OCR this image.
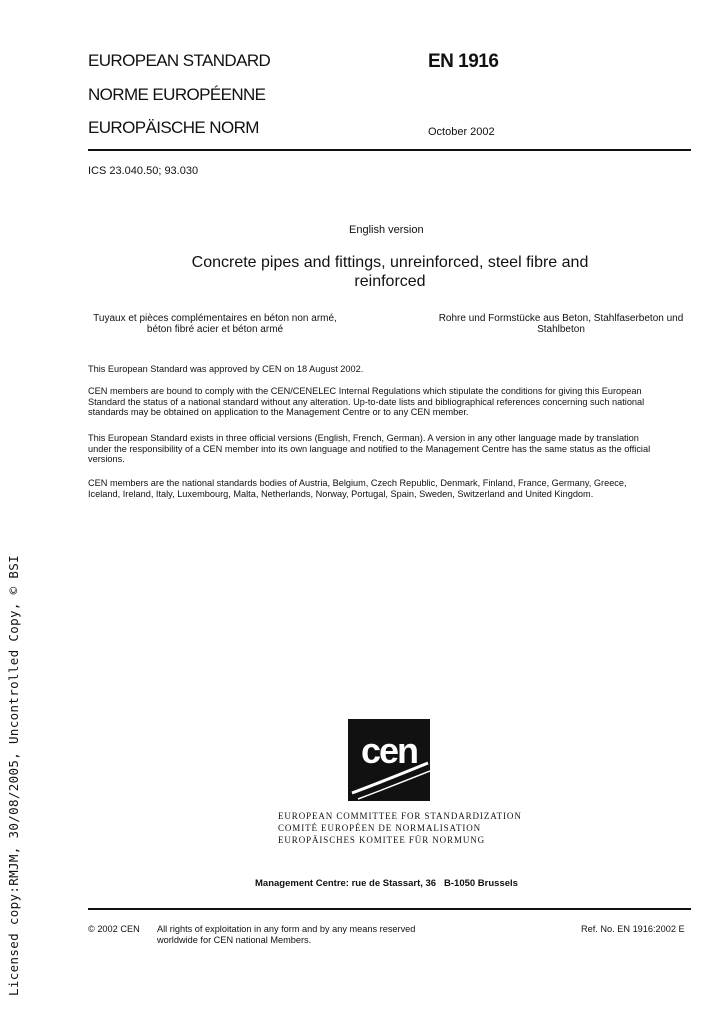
Licensed copy:RMJM, 30/08/2005, Uncontrolled Copy, © BSI
EUROPEAN STANDARD
NORME EUROPÉENNE
EUROPÄISCHE NORM
EN 1916
October 2002
ICS 23.040.50; 93.030
English version
Concrete pipes and fittings, unreinforced, steel fibre and
reinforced
Tuyaux et pièces complémentaires en béton non armé,
béton fibré acier et béton armé
Rohre und Formstücke aus Beton, Stahlfaserbeton und
Stahlbeton
This European Standard was approved by CEN on 18 August 2002.
CEN members are bound to comply with the CEN/CENELEC Internal Regulations which stipulate the conditions for giving this European
Standard the status of a national standard without any alteration. Up-to-date lists and bibliographical references concerning such national
standards may be obtained on application to the Management Centre or to any CEN member.
This European Standard exists in three official versions (English, French, German). A version in any other language made by translation
under the responsibility of a CEN member into its own language and notified to the Management Centre has the same status as the official
versions.
CEN members are the national standards bodies of Austria, Belgium, Czech Republic, Denmark, Finland, France, Germany, Greece,
Iceland, Ireland, Italy, Luxembourg, Malta, Netherlands, Norway, Portugal, Spain, Sweden, Switzerland and United Kingdom.
cen
EUROPEAN COMMITTEE FOR STANDARDIZATION
COMITÉ EUROPÉEN DE NORMALISATION
EUROPÄISCHES KOMITEE FÜR NORMUNG
Management Centre: rue de Stassart, 36   B-1050 Brussels
© 2002 CEN All rights of exploitation in any form and by any means reserved
worldwide for CEN national Members.
Ref. No. EN 1916:2002 E
